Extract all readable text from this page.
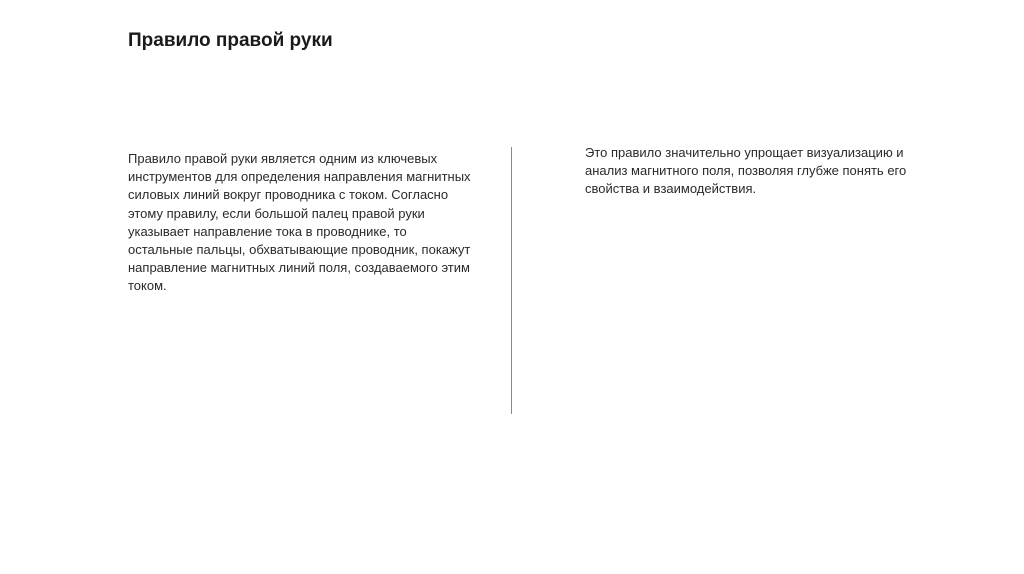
Правило правой руки

Правило правой руки является одним из ключевых инструментов для определения направления магнитных силовых линий вокруг проводника с током. Согласно этому правилу, если большой палец правой руки указывает направление тока в проводнике, то остальные пальцы, обхватывающие проводник, покажут направление магнитных линий поля, создаваемого этим током.

Это правило значительно упрощает визуализацию и анализ магнитного поля, позволяя глубже понять его свойства и взаимодействия.
